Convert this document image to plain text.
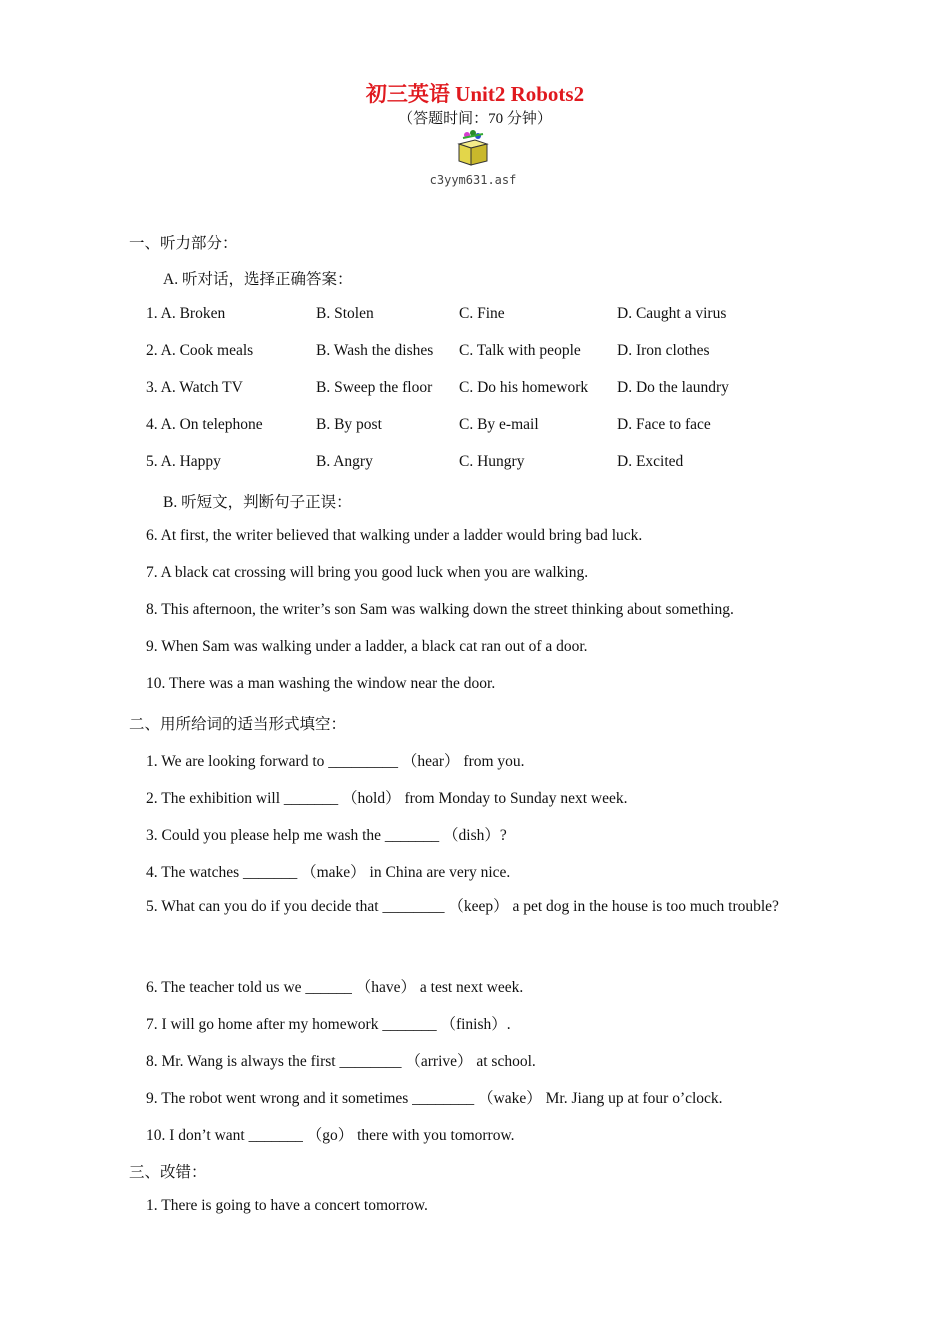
初三英语 Unit2 Robots2
（答题时间：70 分钟）
c3yym631.asf
一、听力部分：
A. 听对话，选择正确答案：
1. A. Broken	B. Stolen	C. Fine	D. Caught a virus
2. A. Cook meals	B. Wash the dishes C. Talk with people D. Iron clothes
3. A. Watch TV	B. Sweep the floor C. Do his homework D. Do the laundry
4. A. On telephone	B. By post	C. By e-mail	D. Face to face
5. A. Happy	B. Angry	C. Hungry	D. Excited
B. 听短文，判断句子正误：
6. At first, the writer believed that walking under a ladder would bring bad luck.
7. A black cat crossing will bring you good luck when you are walking.
8. This afternoon, the writer’s son Sam was walking down the street thinking about something.
9. When Sam was walking under a ladder, a black cat ran out of a door.
10. There was a man washing the window near the door.
二、用所给词的适当形式填空：
1. We are looking forward to _________ （hear） from you.
2. The exhibition will _______ （hold） from Monday to Sunday next week.
3. Could you please help me wash the _______ （dish）?
4. The watches _______ （make） in China are very nice.
5. What can you do if you decide that ________ （keep） a pet dog in the house is too much trouble?
6. The teacher told us we ______ （have） a test next week.
7. I will go home after my homework _______ （finish）.
8. Mr. Wang is always the first ________ （arrive） at school.
9. The robot went wrong and it sometimes ________ （wake） Mr. Jiang up at four o’clock.
10. I don’t want _______ （go） there with you tomorrow.
三、改错：
1. There is going to have a concert tomorrow.
